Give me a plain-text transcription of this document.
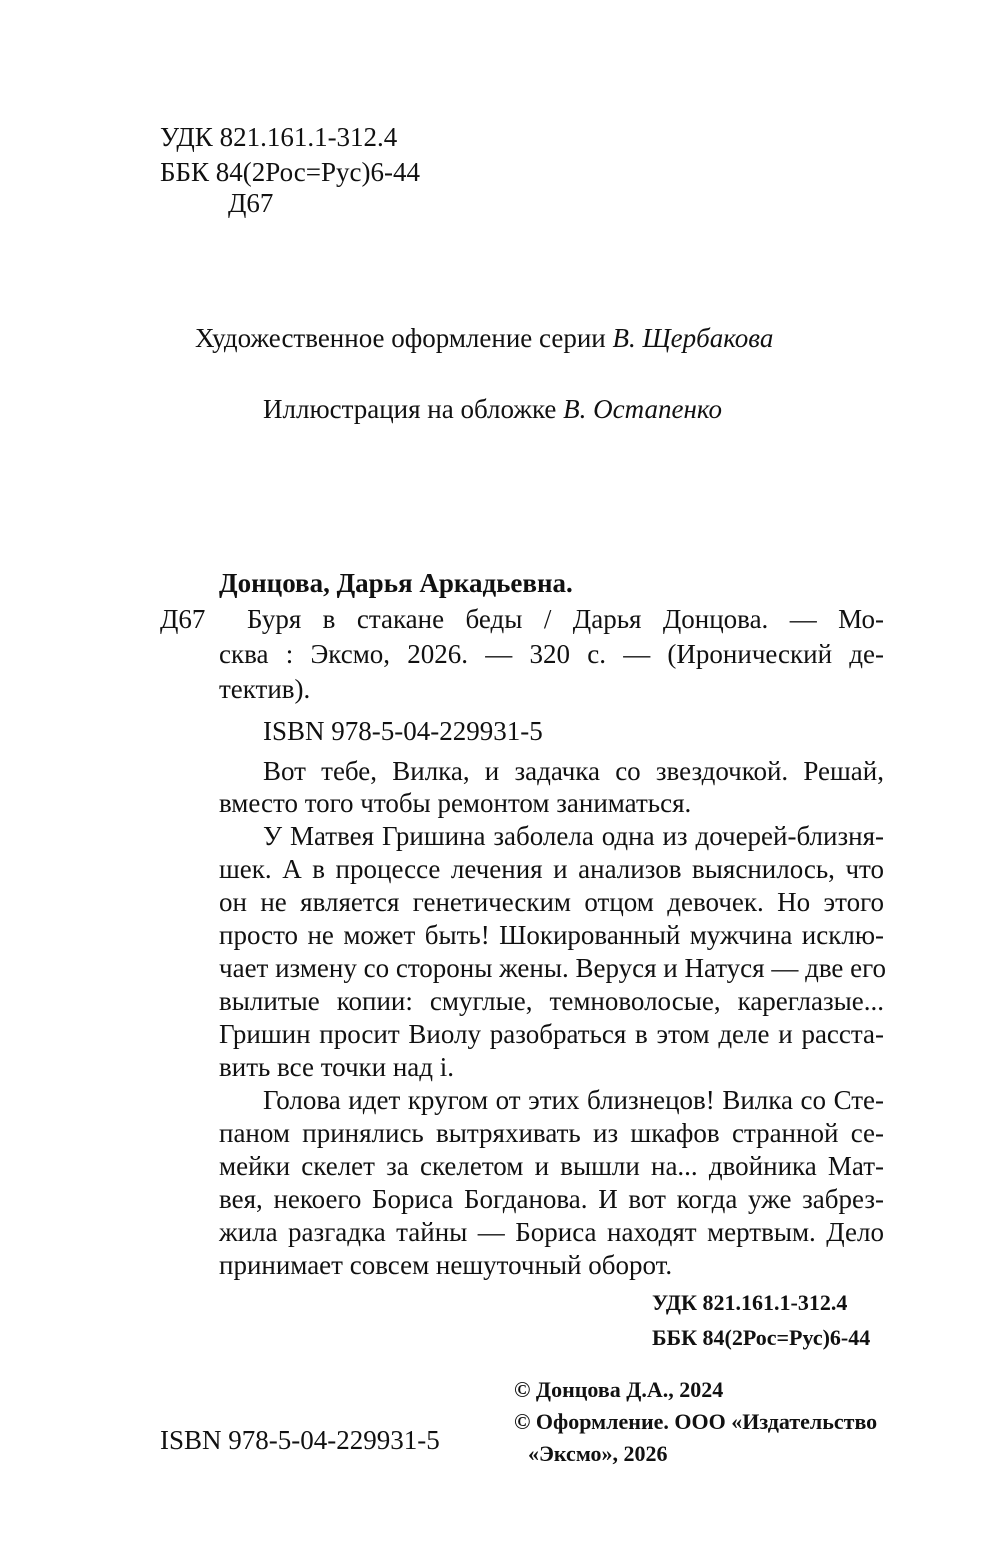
УДК 821.161.1-312.4
ББК 84(2Рос=Рус)6-44
Д67
Художественное оформление серии В. Щербакова
Иллюстрация на обложке В. Остапенко
Донцова, Дарья Аркадьевна.
Д67 Буря в стакане беды / Дарья Донцова. — Мо-
сква : Эксмо, 2026. — 320 с. — (Иронический де-
тектив).
ISBN 978-5-04-229931-5
Вот тебе, Вилка, и задачка со звездочкой. Решай,
вместо того чтобы ремонтом заниматься.
У Матвея Гришина заболела одна из дочерей-близня-
шек. А в процессе лечения и анализов выяснилось, что
он не является генетическим отцом девочек. Но этого
просто не может быть! Шокированный мужчина исклю-
чает измену со стороны жены. Веруся и Натуся — две его
вылитые копии: смуглые, темноволосые, кареглазые...
Гришин просит Виолу разобраться в этом деле и расста-
вить все точки над i.
Голова идет кругом от этих близнецов! Вилка со Сте-
паном принялись вытряхивать из шкафов странной се-
мейки скелет за скелетом и вышли на... двойника Мат-
вея, некоего Бориса Богданова. И вот когда уже забрез-
жила разгадка тайны — Бориса находят мертвым. Дело
принимает совсем нешуточный оборот.
УДК 821.161.1-312.4
ББК 84(2Рос=Рус)6-44
© Донцова Д.А., 2024
© Оформление. ООО «Издательство
«Эксмо», 2026
ISBN 978-5-04-229931-5
